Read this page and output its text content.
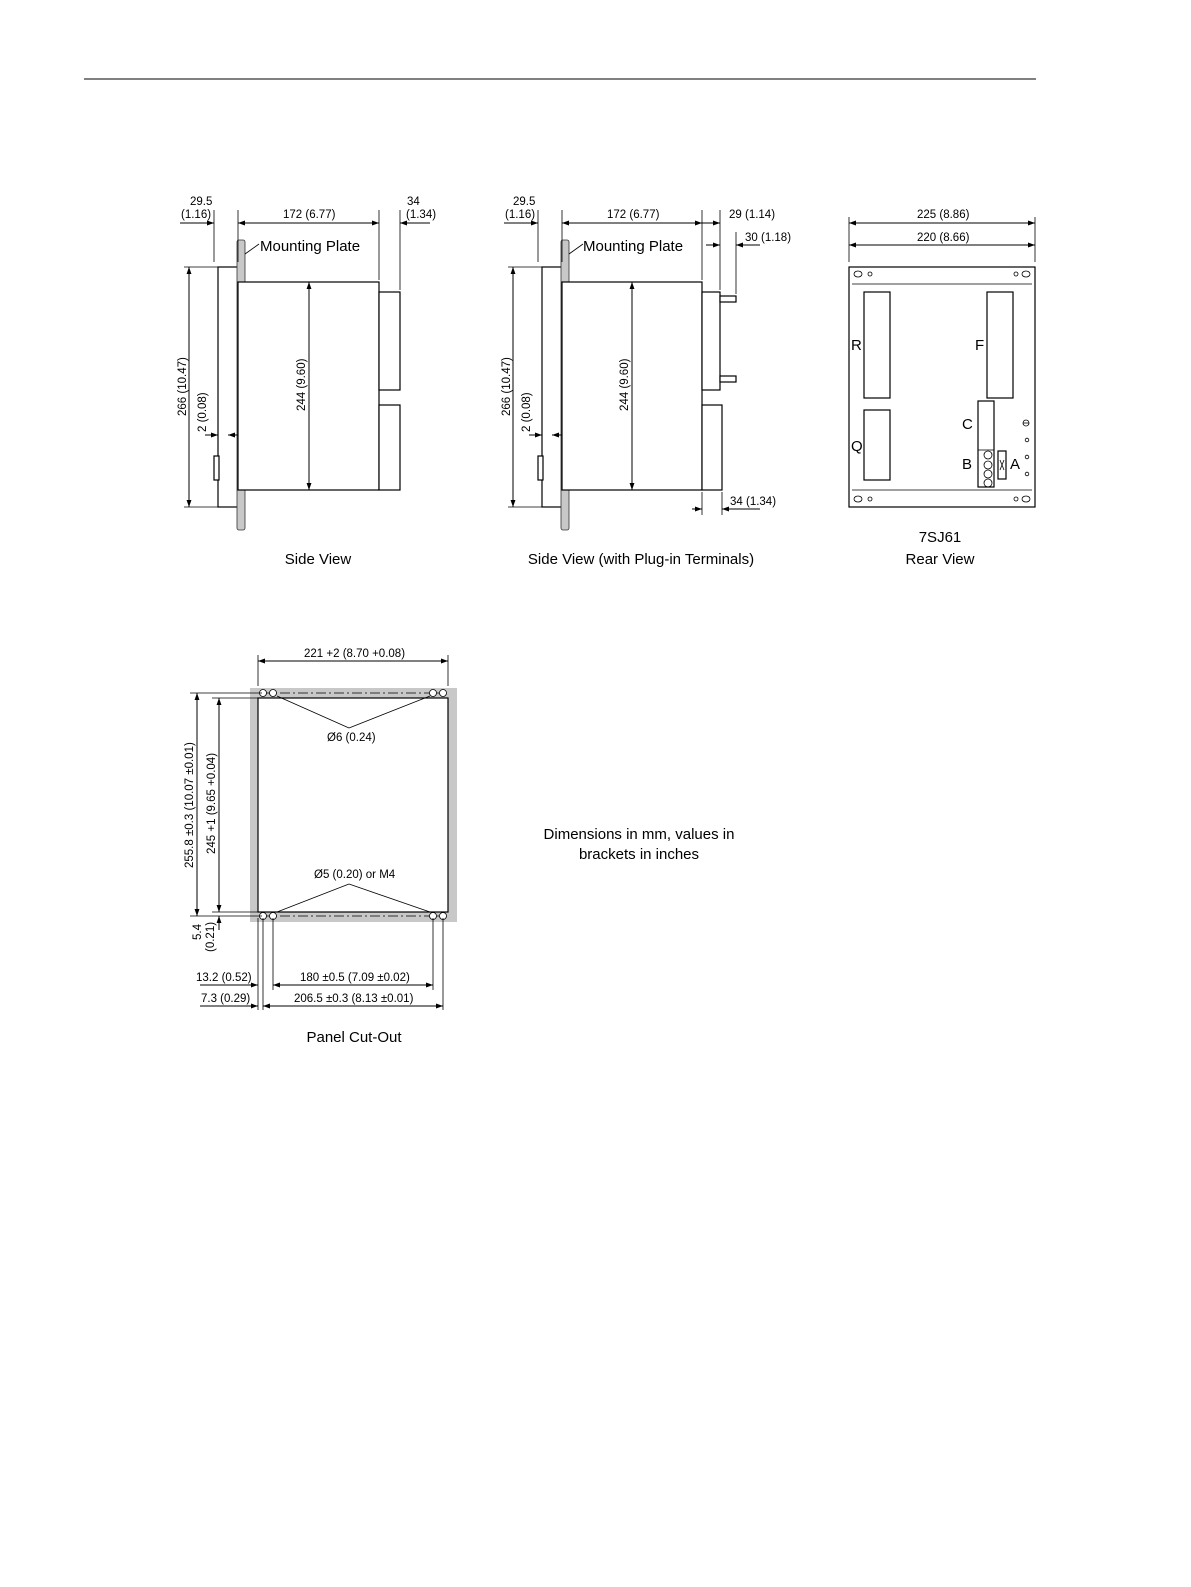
29.5
(1.16)	172 (6.77)
34
(1.34)
Mounting Plate
266 (10.47) 2 (0.08)
244 (9.60)
Side View
29.5
(1.16)	172 (6.77)	29 (1.14)
30 (1.18)
Mounting Plate
266 (10.47) 2 (0.08)
244 (9.60)
34 (1.34)
Side View (with Plug-in Terminals)
225 (8.86)
220 (8.66)
R	F
Q
C
B	A
7SJ61
Rear View
Ø6 (0.24)
Ø5 (0.20) or M4
221 +2 (8.70 +0.08)
255.8 ±0.3 (10.07 ±0.01) 245 +1 (9.65 +0.04)
5.4 (0.21)
13.2 (0.52)	180 ±0.5 (7.09 ±0.02)
7.3 (0.29)	206.5 ±0.3 (8.13 ±0.01)
Panel Cut-Out
Dimensions in mm, values in
brackets in inches
